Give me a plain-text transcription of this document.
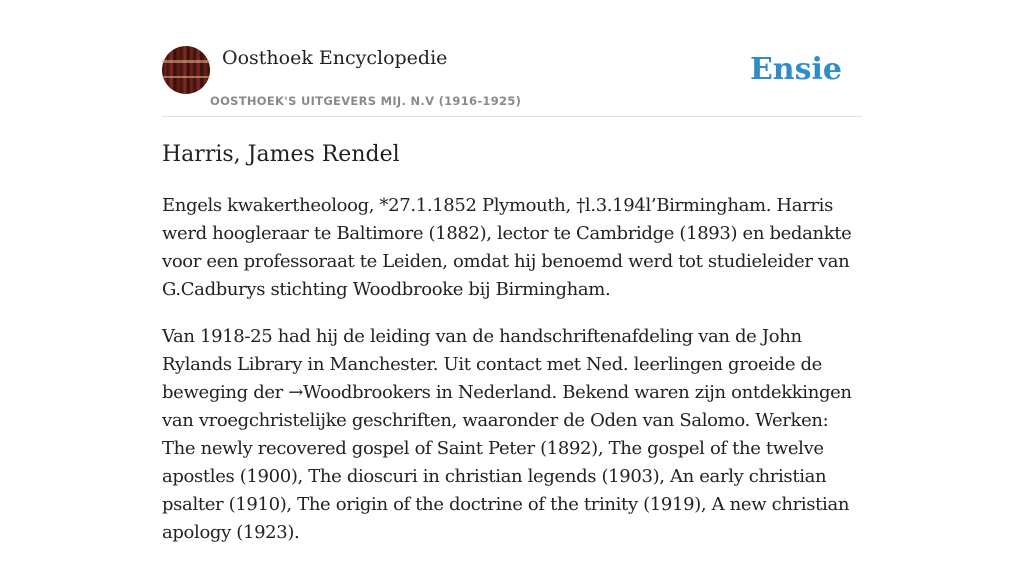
Oosthoek Encyclopedie
OOSTHOEK'S UITGEVERS MIJ. N.V (1916-1925)
Ensie
Harris, James Rendel

Engels kwakertheoloog, *27.1.1852 Plymouth, †l.3.194l’Birmingham. Harris werd hoogleraar te Baltimore (1882), lector te Cambridge (1893) en bedankte voor een professoraat te Leiden, omdat hij benoemd werd tot studieleider van G.Cadburys stichting Woodbrooke bij Birmingham.

Van 1918-25 had hij de leiding van de handschriftenafdeling van de John Rylands Library in Manchester. Uit contact met Ned. leerlingen groeide de beweging der →Woodbrookers in Nederland. Bekend waren zijn ontdekkingen van vroegchristelijke geschriften, waaronder de Oden van Salomo. Werken: The newly recovered gospel of Saint Peter (1892), The gospel of the twelve apostles (1900), The dioscuri in christian legends (1903), An early christian psalter (1910), The origin of the doctrine of the trinity (1919), A new christian apology (1923).
